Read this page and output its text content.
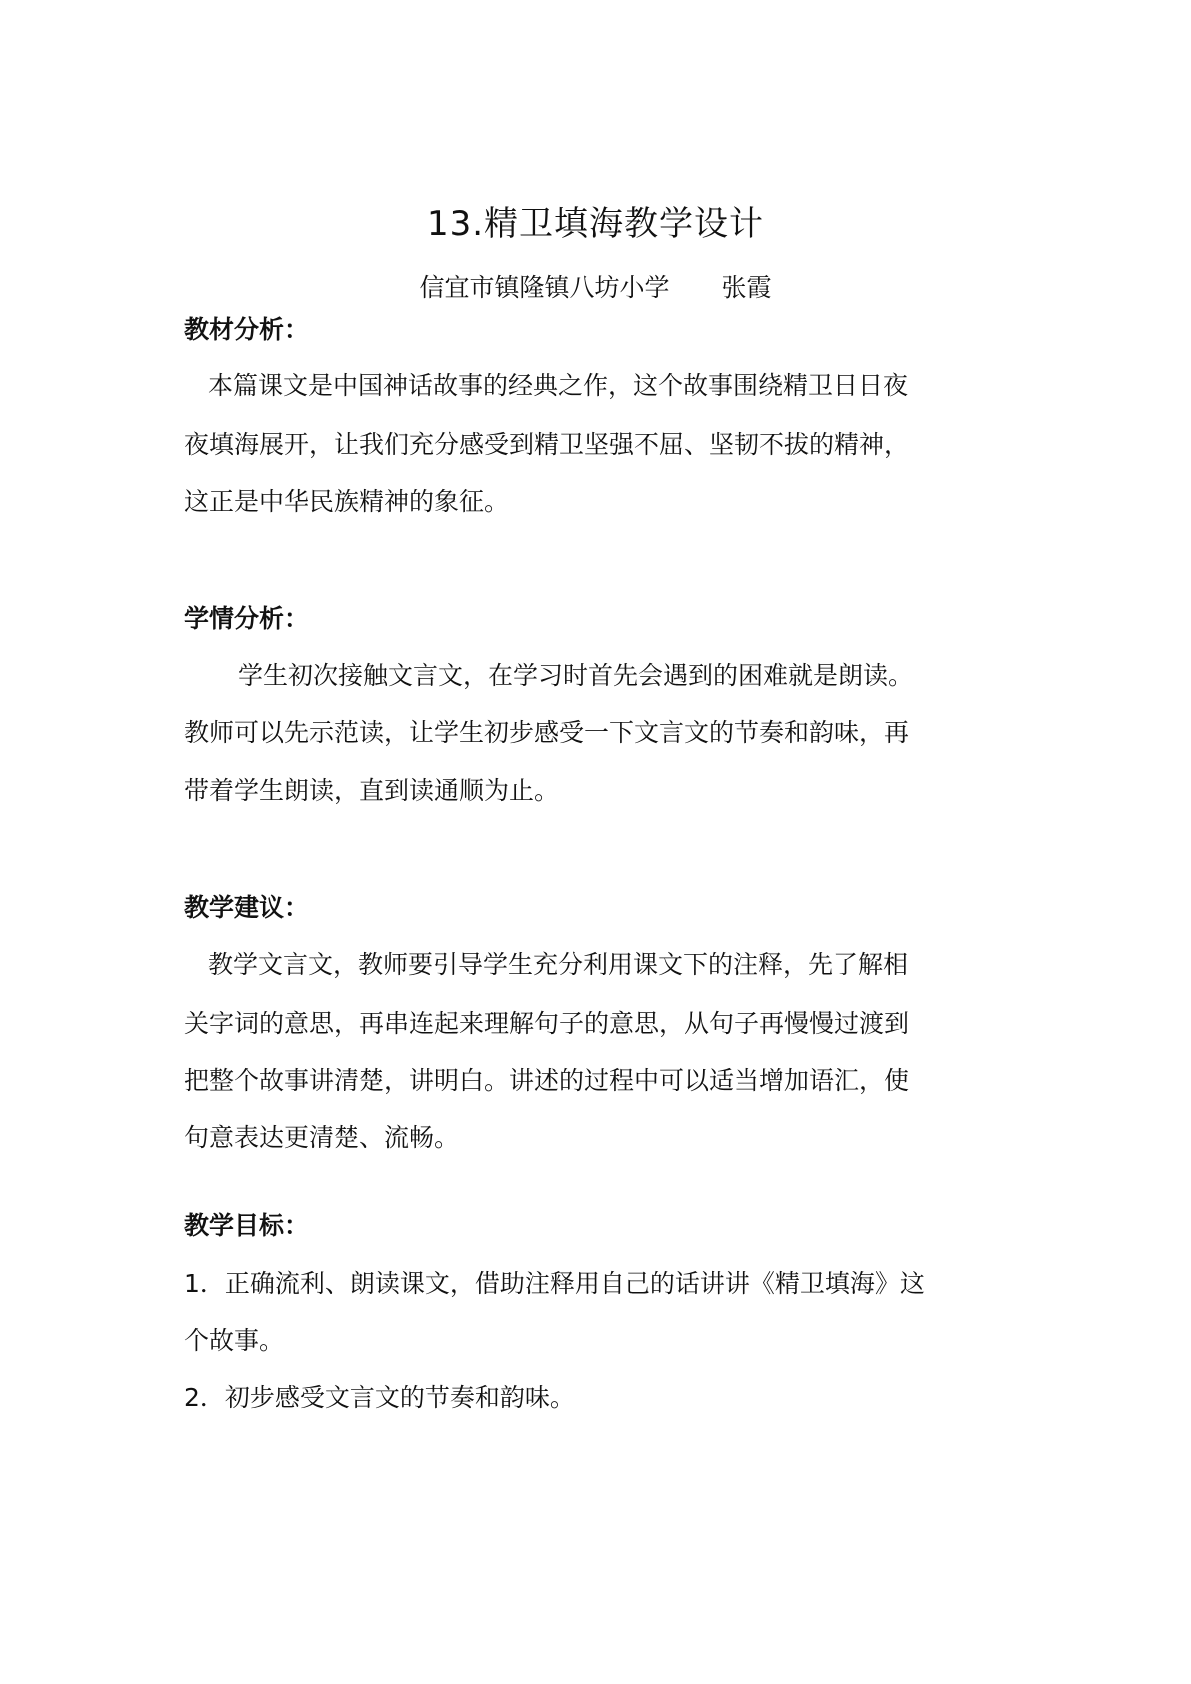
13.精卫填海教学设计
信宜市镇隆镇八坊小学 张霞
教材分析：
本篇课文是中国神话故事的经典之作，这个故事围绕精卫日日夜
夜填海展开，让我们充分感受到精卫坚强不屈、坚韧不拔的精神，
这正是中华民族精神的象征。
学情分析：
学生初次接触文言文，在学习时首先会遇到的困难就是朗读。
教师可以先示范读，让学生初步感受一下文言文的节奏和韵味，再
带着学生朗读，直到读通顺为止。
教学建议：
教学文言文，教师要引导学生充分利用课文下的注释，先了解相
关字词的意思，再串连起来理解句子的意思，从句子再慢慢过渡到
把整个故事讲清楚，讲明白。讲述的过程中可以适当增加语汇，使
句意表达更清楚、流畅。
教学目标：
1．正确流利、朗读课文，借助注释用自己的话讲讲《精卫填海》这
个故事。
2．初步感受文言文的节奏和韵味。
